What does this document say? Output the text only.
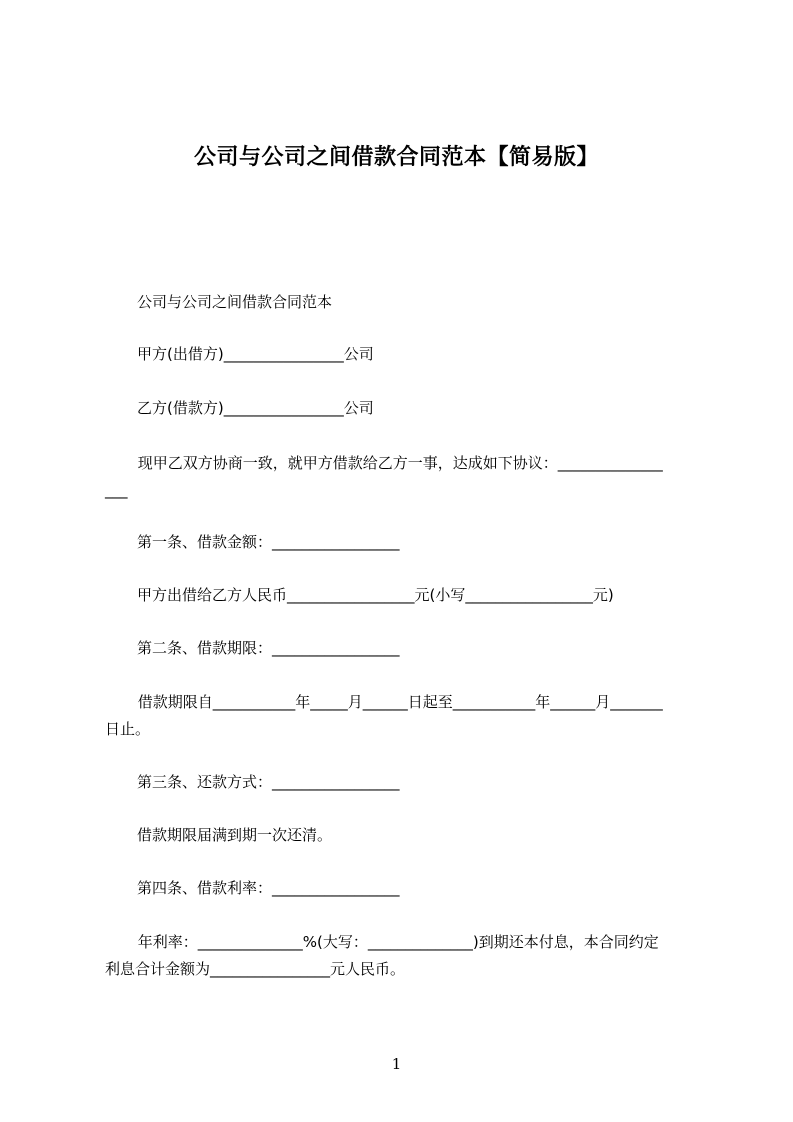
公司与公司之间借款合同范本【简易版】
公司与公司之间借款合同范本
甲方(出借方)________________公司
乙方(借款方)________________公司
现甲乙双方协商一致，就甲方借款给乙方一事，达成如下协议：______________
___
第一条、借款金额：_________________
甲方出借给乙方人民币_________________元(小写_________________元)
第二条、借款期限：_________________
借款期限自___________年_____月______日起至___________年______月_______
日止。
第三条、还款方式：_________________
借款期限届满到期一次还清。
第四条、借款利率：_________________
年利率：______________%(大写：______________)到期还本付息，本合同约定
利息合计金额为________________元人民币。
1
